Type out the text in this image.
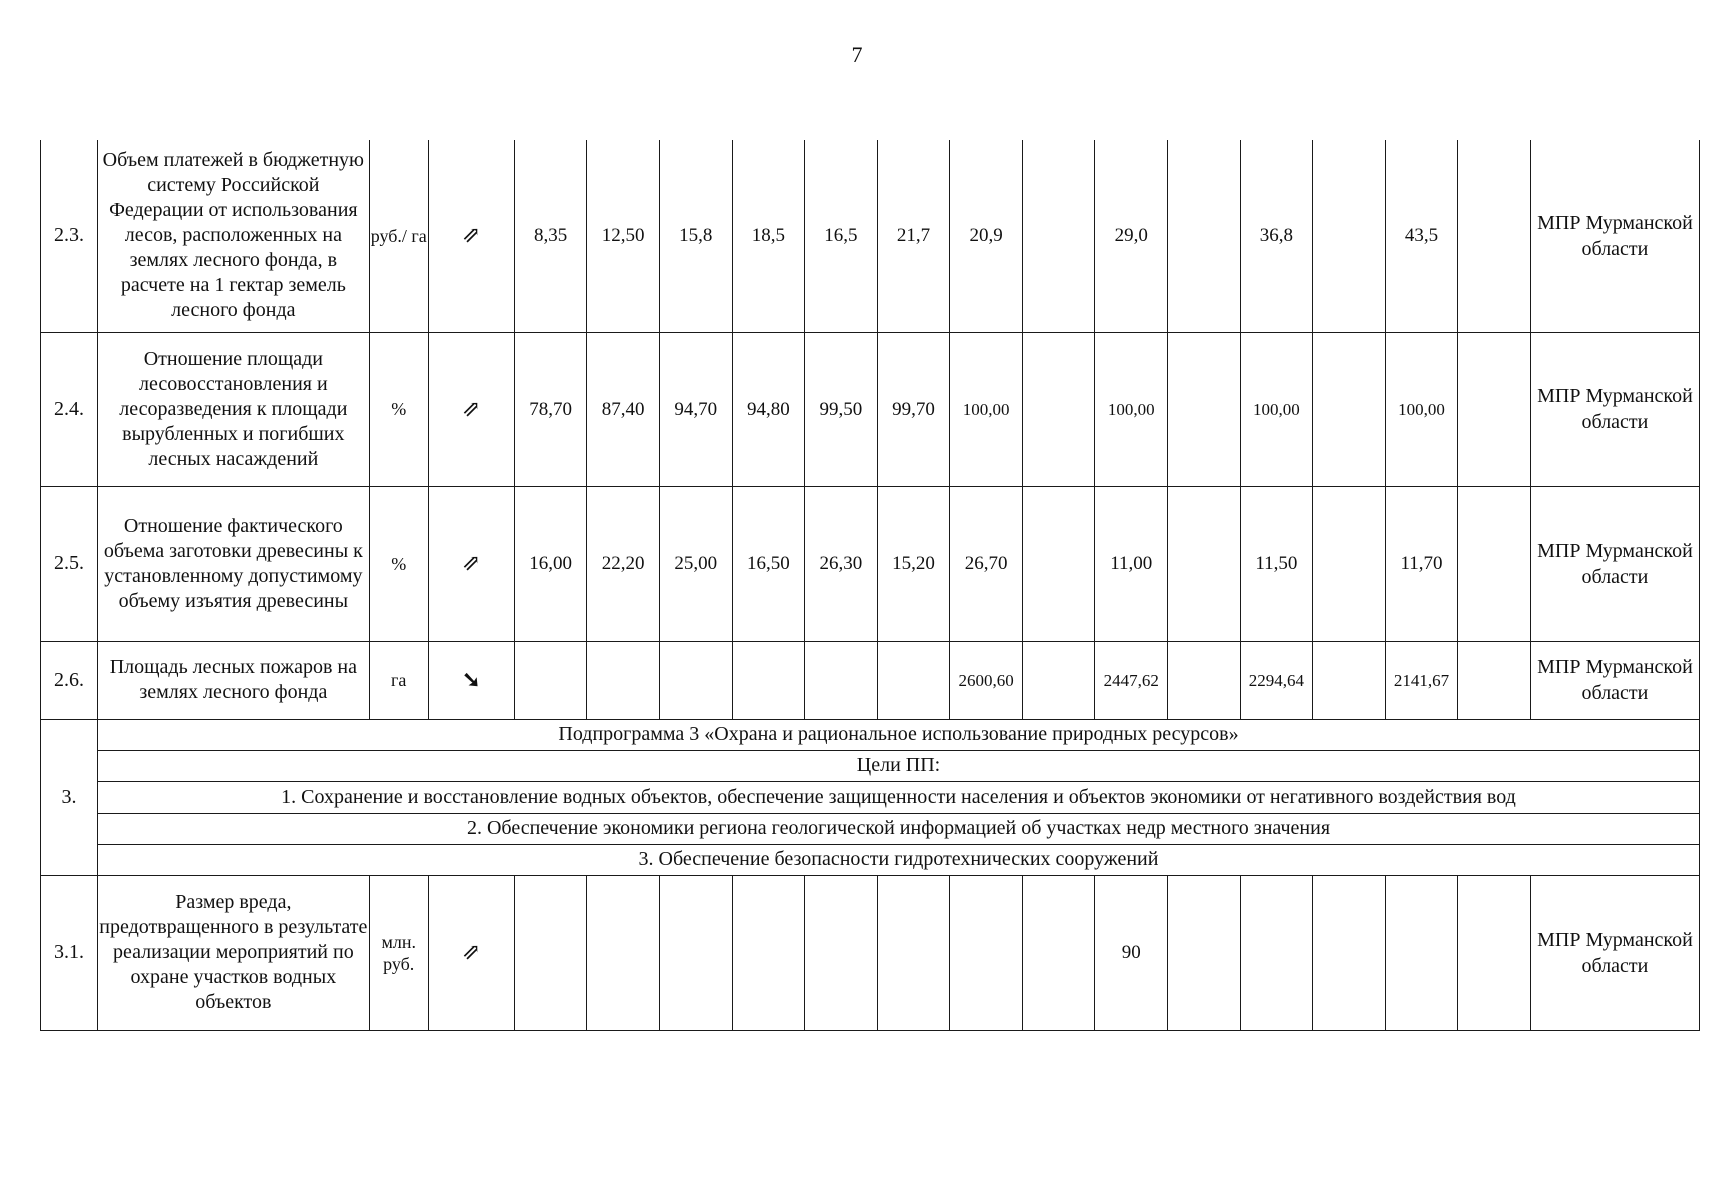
7
2.3.	Объем платежей в бюджетную систему Российской Федерации от использования лесов, расположенных на землях лесного фонда, в расчете на 1 гектар земель лесного фонда	руб./ га	⇗	8,35	12,50	15,8	18,5	16,5	21,7	20,9		29,0		36,8		43,5		МПР Мурманской области
2.4.	Отношение площади лесовосстановления и лесоразведения к площади вырубленных и погибших лесных насаждений	%	⇗	78,70	87,40	94,70	94,80	99,50	99,70	100,00		100,00		100,00		100,00		МПР Мурманской области
2.5.	Отношение фактического объема заготовки древесины к установленному допустимому объему изъятия древесины	%	⇗	16,00	22,20	25,00	16,50	26,30	15,20	26,70		11,00		11,50		11,70		МПР Мурманской области
2.6.	Площадь лесных пожаров на землях лесного фонда	га	➘							2600,60		2447,62		2294,64		2141,67		МПР Мурманской области
3.	Подпрограмма 3 «Охрана и рациональное использование природных ресурсов»																	
	Цели ПП:																	
	1. Сохранение и восстановление водных объектов, обеспечение защищенности населения и объектов экономики от негативного воздействия вод																	
	2. Обеспечение экономики региона геологической информацией об участках недр местного значения																	
	3. Обеспечение безопасности гидротехнических сооружений																	
3.1.	Размер вреда, предотвращенного в результате реализации мероприятий по охране участков водных объектов	млн. руб.	⇗									90						МПР Мурманской области
